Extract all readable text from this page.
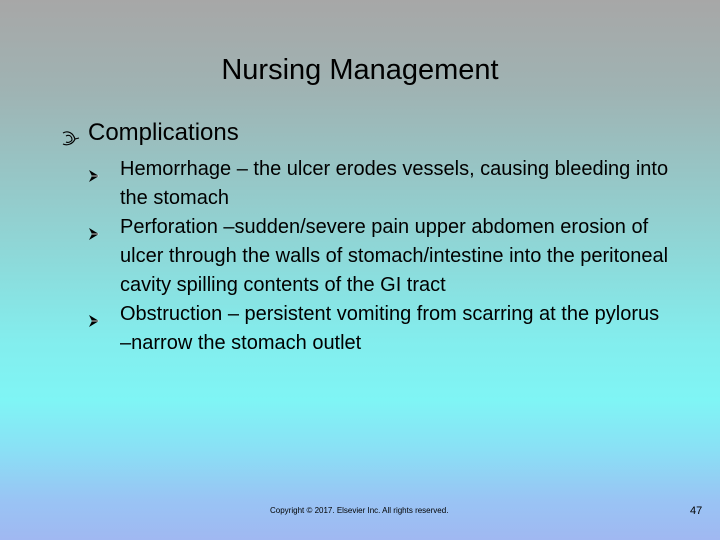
Nursing Management
Complications
Hemorrhage – the ulcer erodes vessels, causing bleeding into the stomach
Perforation –sudden/severe pain upper abdomen erosion of ulcer through the walls of stomach/intestine into the peritoneal cavity spilling contents of the GI tract
Obstruction – persistent vomiting from scarring at the pylorus –narrow the stomach outlet
Copyright © 2017. Elsevier Inc. All rights reserved.	47
